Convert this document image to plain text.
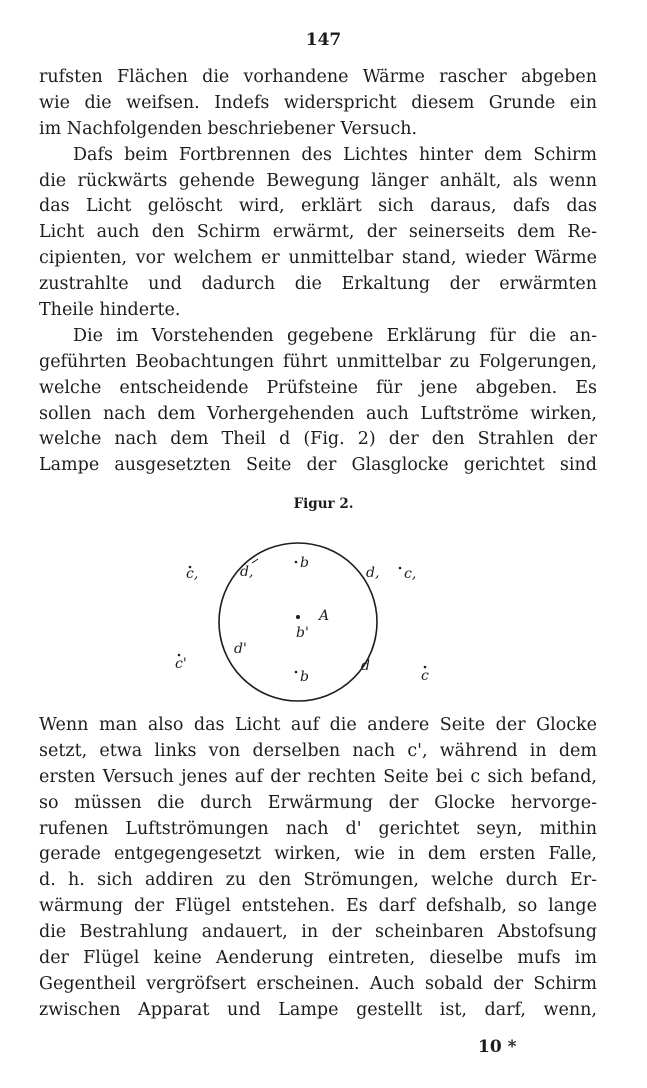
147
rufsten Flächen die vorhandene Wärme rascher abgeben
wie die weifsen. Indefs widerspricht diesem Grunde ein
im Nachfolgenden beschriebener Versuch.
Dafs beim Fortbrennen des Lichtes hinter dem Schirm
die rückwärts gehende Bewegung länger anhält, als wenn
das Licht gelöscht wird, erklärt sich daraus, dafs das
Licht auch den Schirm erwärmt, der seinerseits dem Re-
cipienten, vor welchem er unmittelbar stand, wieder Wärme
zustrahlte und dadurch die Erkaltung der erwärmten
Theile hinderte.
Die im Vorstehenden gegebene Erklärung für die an-
geführten Beobachtungen führt unmittelbar zu Folgerungen,
welche entscheidende Prüfsteine für jene abgeben. Es
sollen nach dem Vorhergehenden auch Luftströme wirken,
welche nach dem Theil d (Fig. 2) der den Strahlen der
Lampe ausgesetzten Seite der Glasglocke gerichtet sind
Figur 2.
c,	d,
b
d, c,
A
b'
d'
c'
b
d
c
Wenn man also das Licht auf die andere Seite der Glocke
setzt, etwa links von derselben nach c', während in dem
ersten Versuch jenes auf der rechten Seite bei c sich befand,
so müssen die durch Erwärmung der Glocke hervorge-
rufenen Luftströmungen nach d' gerichtet seyn, mithin
gerade entgegengesetzt wirken, wie in dem ersten Falle,
d. h. sich addiren zu den Strömungen, welche durch Er-
wärmung der Flügel entstehen. Es darf defshalb, so lange
die Bestrahlung andauert, in der scheinbaren Abstofsung
der Flügel keine Aenderung eintreten, dieselbe mufs im
Gegentheil vergröfsert erscheinen. Auch sobald der Schirm
zwischen Apparat und Lampe gestellt ist, darf, wenn,
10 *
